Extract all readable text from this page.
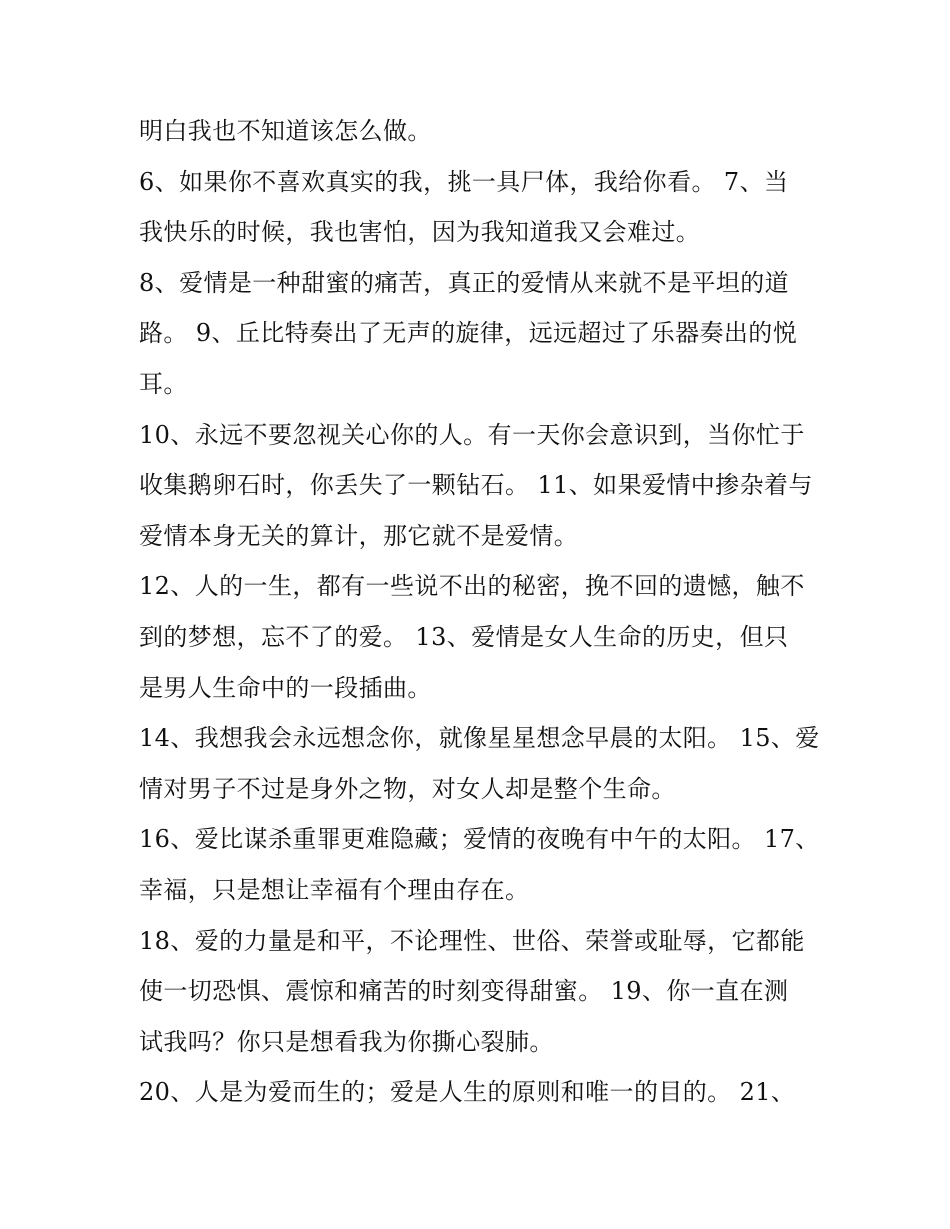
明白我也不知道该怎么做。
6、如果你不喜欢真实的我，挑一具尸体，我给你看。 7、当
我快乐的时候，我也害怕，因为我知道我又会难过。
8、爱情是一种甜蜜的痛苦，真正的爱情从来就不是平坦的道
路。 9、丘比特奏出了无声的旋律，远远超过了乐器奏出的悦
耳。
10、永远不要忽视关心你的人。有一天你会意识到，当你忙于
收集鹅卵石时，你丢失了一颗钻石。 11、如果爱情中掺杂着与
爱情本身无关的算计，那它就不是爱情。
12、人的一生，都有一些说不出的秘密，挽不回的遗憾，触不
到的梦想，忘不了的爱。 13、爱情是女人生命的历史，但只
是男人生命中的一段插曲。
14、我想我会永远想念你，就像星星想念早晨的太阳。 15、爱
情对男子不过是身外之物，对女人却是整个生命。
16、爱比谋杀重罪更难隐藏；爱情的夜晚有中午的太阳。 17、
幸福，只是想让幸福有个理由存在。
18、爱的力量是和平，不论理性、世俗、荣誉或耻辱，它都能
使一切恐惧、震惊和痛苦的时刻变得甜蜜。 19、你一直在测
试我吗？你只是想看我为你撕心裂肺。
20、人是为爱而生的；爱是人生的原则和唯一的目的。 21、
